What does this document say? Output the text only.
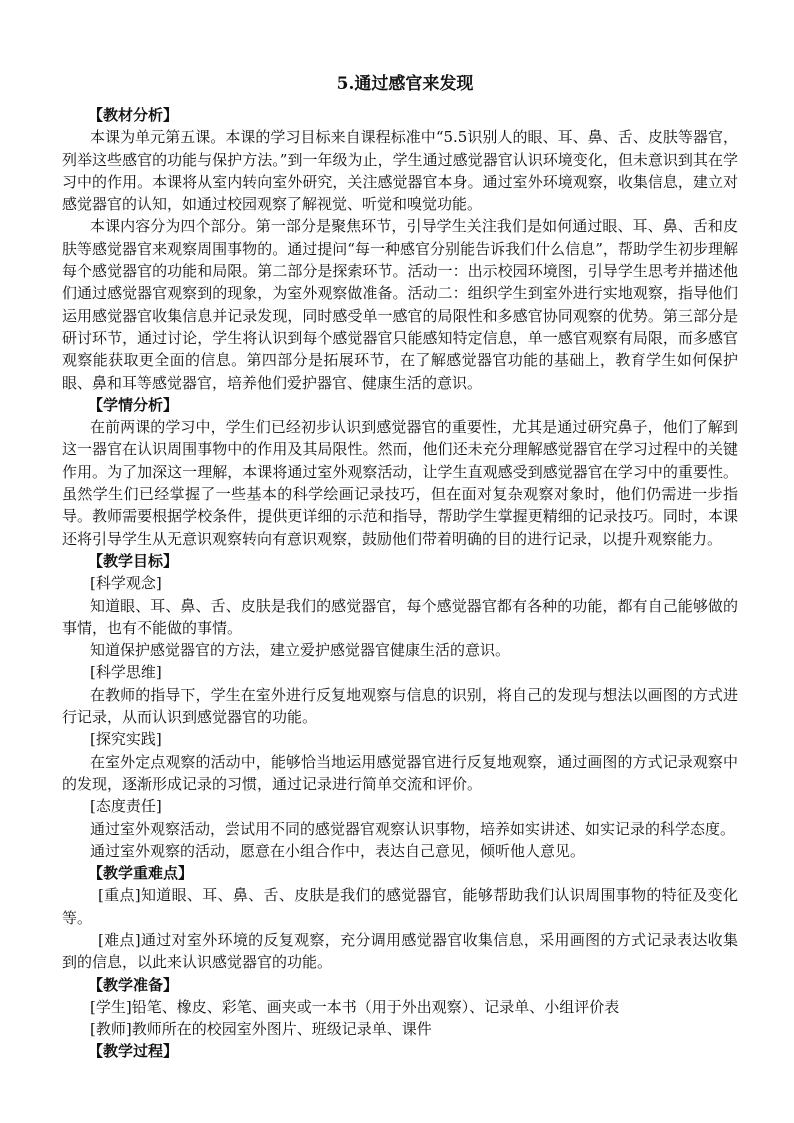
5.通过感官来发现

【教材分析】

本课为单元第五课。本课的学习目标来自课程标准中“5.5识别人的眼、耳、鼻、舌、皮肤等器官，列举这些感官的功能与保护方法。”到一年级为止，学生通过感觉器官认识环境变化，但未意识到其在学习中的作用。本课将从室内转向室外研究，关注感觉器官本身。通过室外环境观察，收集信息，建立对感觉器官的认知，如通过校园观察了解视觉、听觉和嗅觉功能。

本课内容分为四个部分。第一部分是聚焦环节，引导学生关注我们是如何通过眼、耳、鼻、舌和皮肤等感觉器官来观察周围事物的。通过提问“每一种感官分别能告诉我们什么信息”，帮助学生初步理解每个感觉器官的功能和局限。第二部分是探索环节。活动一：出示校园环境图，引导学生思考并描述他们通过感觉器官观察到的现象，为室外观察做准备。活动二：组织学生到室外进行实地观察，指导他们运用感觉器官收集信息并记录发现，同时感受单一感官的局限性和多感官协同观察的优势。第三部分是研讨环节，通过讨论，学生将认识到每个感觉器官只能感知特定信息，单一感官观察有局限，而多感官观察能获取更全面的信息。第四部分是拓展环节，在了解感觉器官功能的基础上，教育学生如何保护眼、鼻和耳等感觉器官，培养他们爱护器官、健康生活的意识。

【学情分析】

在前两课的学习中，学生们已经初步认识到感觉器官的重要性，尤其是通过研究鼻子，他们了解到这一器官在认识周围事物中的作用及其局限性。然而，他们还未充分理解感觉器官在学习过程中的关键作用。为了加深这一理解，本课将通过室外观察活动，让学生直观感受到感觉器官在学习中的重要性。虽然学生们已经掌握了一些基本的科学绘画记录技巧，但在面对复杂观察对象时，他们仍需进一步指导。教师需要根据学校条件，提供更详细的示范和指导，帮助学生掌握更精细的记录技巧。同时，本课还将引导学生从无意识观察转向有意识观察，鼓励他们带着明确的目的进行记录，以提升观察能力。

【教学目标】

[科学观念]

知道眼、耳、鼻、舌、皮肤是我们的感觉器官，每个感觉器官都有各种的功能，都有自己能够做的事情，也有不能做的事情。

知道保护感觉器官的方法，建立爱护感觉器官健康生活的意识。

[科学思维]

在教师的指导下，学生在室外进行反复地观察与信息的识别，将自己的发现与想法以画图的方式进行记录，从而认识到感觉器官的功能。

[探究实践]

在室外定点观察的活动中，能够恰当地运用感觉器官进行反复地观察，通过画图的方式记录观察中的发现，逐渐形成记录的习惯，通过记录进行简单交流和评价。

[态度责任]

通过室外观察活动，尝试用不同的感觉器官观察认识事物，培养如实讲述、如实记录的科学态度。

通过室外观察的活动，愿意在小组合作中，表达自己意见，倾听他人意见。

【教学重难点】

[重点]知道眼、耳、鼻、舌、皮肤是我们的感觉器官，能够帮助我们认识周围事物的特征及变化等。

[难点]通过对室外环境的反复观察，充分调用感觉器官收集信息，采用画图的方式记录表达收集到的信息，以此来认识感觉器官的功能。

【教学准备】

[学生]铅笔、橡皮、彩笔、画夹或一本书（用于外出观察）、记录单、小组评价表

[教师]教师所在的校园室外图片、班级记录单、课件

【教学过程】
